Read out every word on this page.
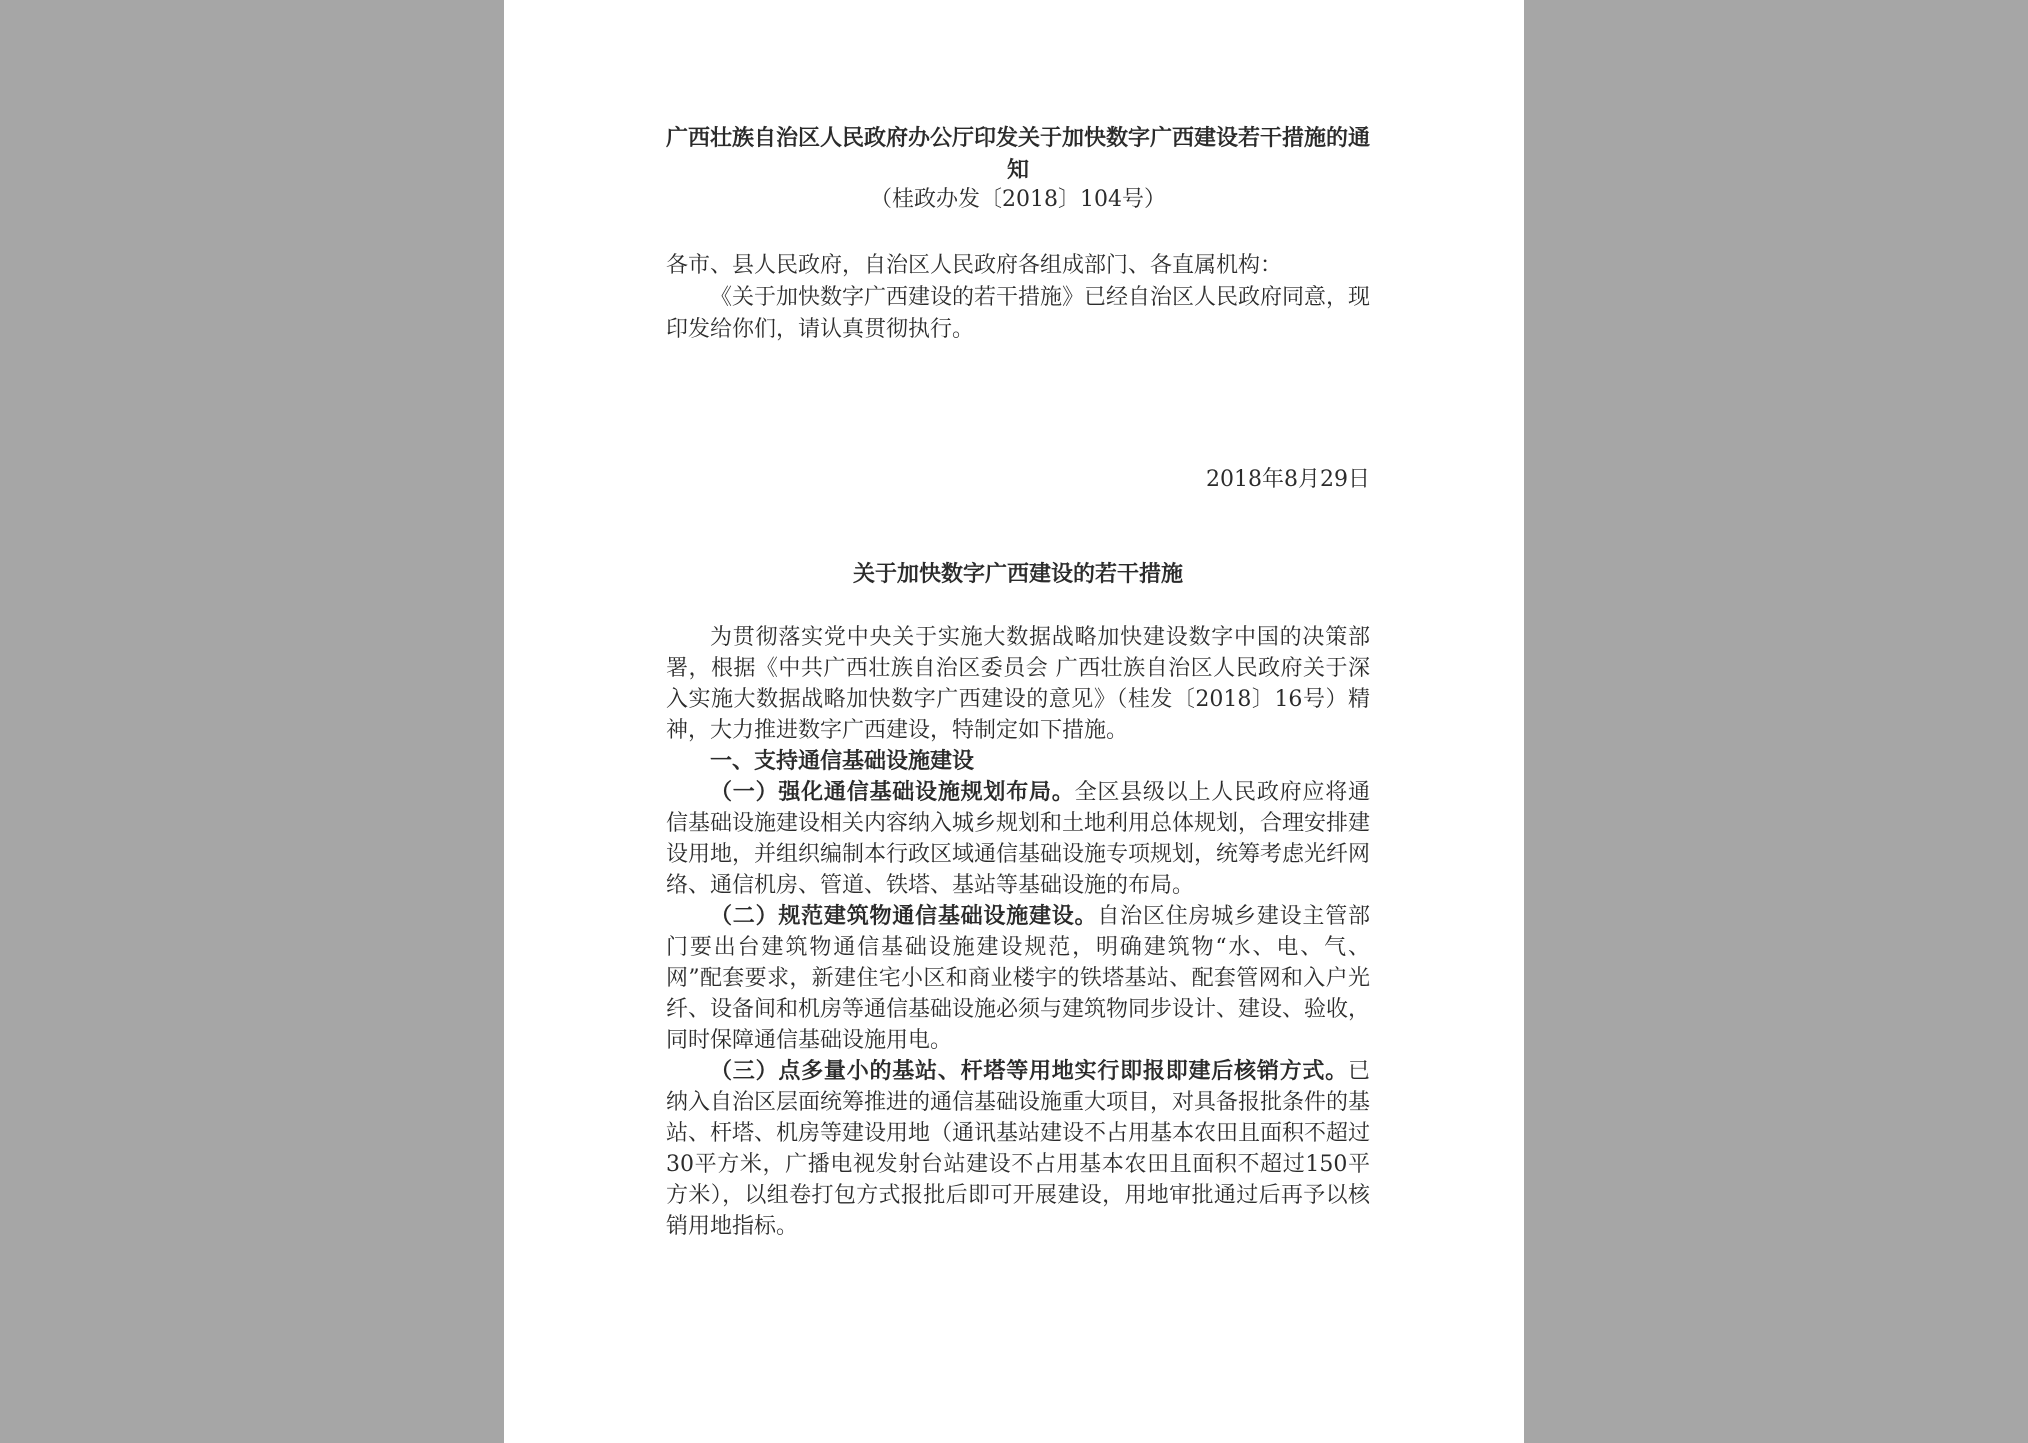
广西壮族自治区人民政府办公厅印发关于加快数字广西建设若干措施的通知
（桂政办发〔2018〕104号）
各市、县人民政府，自治区人民政府各组成部门、各直属机构：
《关于加快数字广西建设的若干措施》已经自治区人民政府同意，现印发给你们，请认真贯彻执行。
2018年8月29日
关于加快数字广西建设的若干措施

为贯彻落实党中央关于实施大数据战略加快建设数字中国的决策部署，根据《中共广西壮族自治区委员会 广西壮族自治区人民政府关于深入实施大数据战略加快数字广西建设的意见》（桂发〔2018〕16号）精神，大力推进数字广西建设，特制定如下措施。

一、支持通信基础设施建设

（一）强化通信基础设施规划布局。全区县级以上人民政府应将通信基础设施建设相关内容纳入城乡规划和土地利用总体规划，合理安排建设用地，并组织编制本行政区域通信基础设施专项规划，统筹考虑光纤网络、通信机房、管道、铁塔、基站等基础设施的布局。

（二）规范建筑物通信基础设施建设。自治区住房城乡建设主管部门要出台建筑物通信基础设施建设规范，明确建筑物“水、电、气、网”配套要求，新建住宅小区和商业楼宇的铁塔基站、配套管网和入户光纤、设备间和机房等通信基础设施必须与建筑物同步设计、建设、验收，同时保障通信基础设施用电。

（三）点多量小的基站、杆塔等用地实行即报即建后核销方式。已纳入自治区层面统筹推进的通信基础设施重大项目，对具备报批条件的基站、杆塔、机房等建设用地（通讯基站建设不占用基本农田且面积不超过30平方米，广播电视发射台站建设不占用基本农田且面积不超过150平方米），以组卷打包方式报批后即可开展建设，用地审批通过后再予以核销用地指标。
